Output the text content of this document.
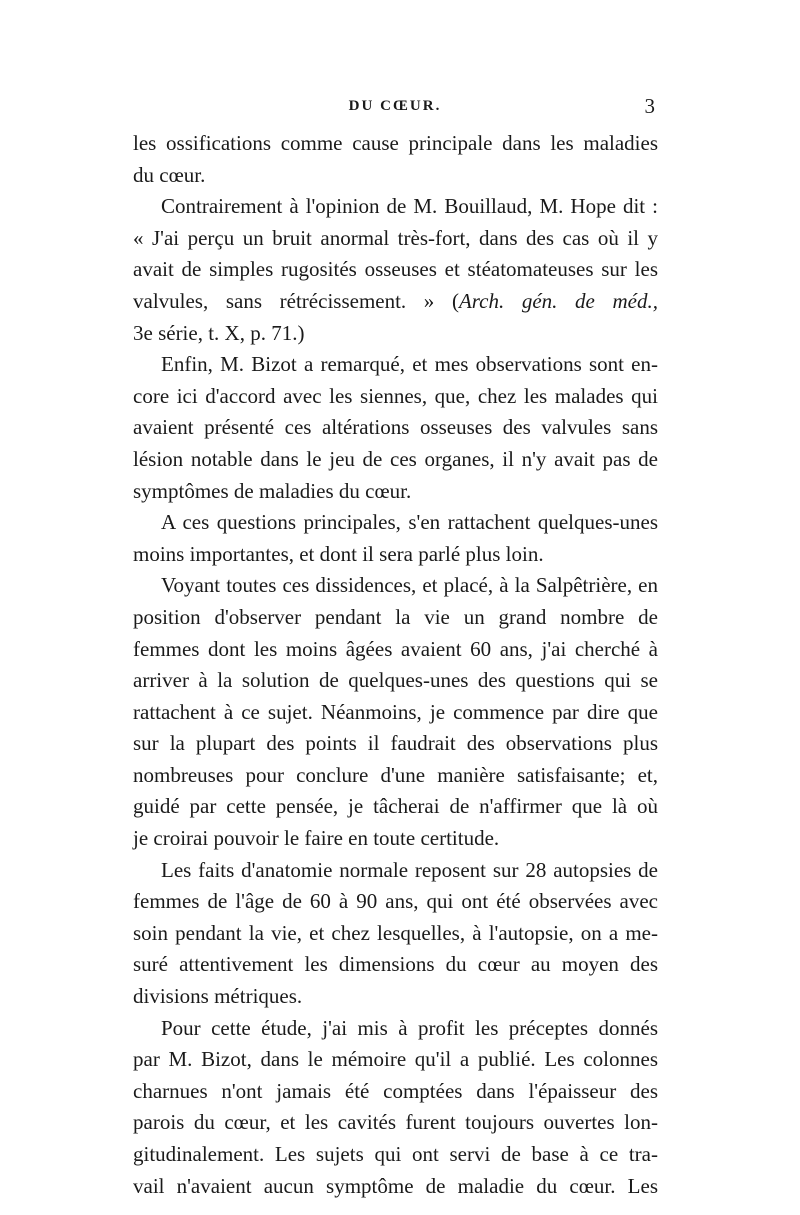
DU CŒUR.	3
les ossifications comme cause principale dans les maladies
du cœur.
Contrairement à l'opinion de M. Bouillaud, M. Hope dit :
« J'ai perçu un bruit anormal très-fort, dans des cas où il y
avait de simples rugosités osseuses et stéatomateuses sur les
valvules, sans rétrécissement. » (Arch. gén. de méd.,
3e série, t. X, p. 71.)
Enfin, M. Bizot a remarqué, et mes observations sont en-
core ici d'accord avec les siennes, que, chez les malades qui
avaient présenté ces altérations osseuses des valvules sans
lésion notable dans le jeu de ces organes, il n'y avait pas de
symptômes de maladies du cœur.
A ces questions principales, s'en rattachent quelques-unes
moins importantes, et dont il sera parlé plus loin.
Voyant toutes ces dissidences, et placé, à la Salpêtrière, en
position d'observer pendant la vie un grand nombre de
femmes dont les moins âgées avaient 60 ans, j'ai cherché à
arriver à la solution de quelques-unes des questions qui se
rattachent à ce sujet. Néanmoins, je commence par dire que
sur la plupart des points il faudrait des observations plus
nombreuses pour conclure d'une manière satisfaisante; et,
guidé par cette pensée, je tâcherai de n'affirmer que là où
je croirai pouvoir le faire en toute certitude.
Les faits d'anatomie normale reposent sur 28 autopsies de
femmes de l'âge de 60 à 90 ans, qui ont été observées avec
soin pendant la vie, et chez lesquelles, à l'autopsie, on a me-
suré attentivement les dimensions du cœur au moyen des
divisions métriques.
Pour cette étude, j'ai mis à profit les préceptes donnés
par M. Bizot, dans le mémoire qu'il a publié. Les colonnes
charnues n'ont jamais été comptées dans l'épaisseur des
parois du cœur, et les cavités furent toujours ouvertes lon-
gitudinalement. Les sujets qui ont servi de base à ce tra-
vail n'avaient aucun symptôme de maladie du cœur. Les
